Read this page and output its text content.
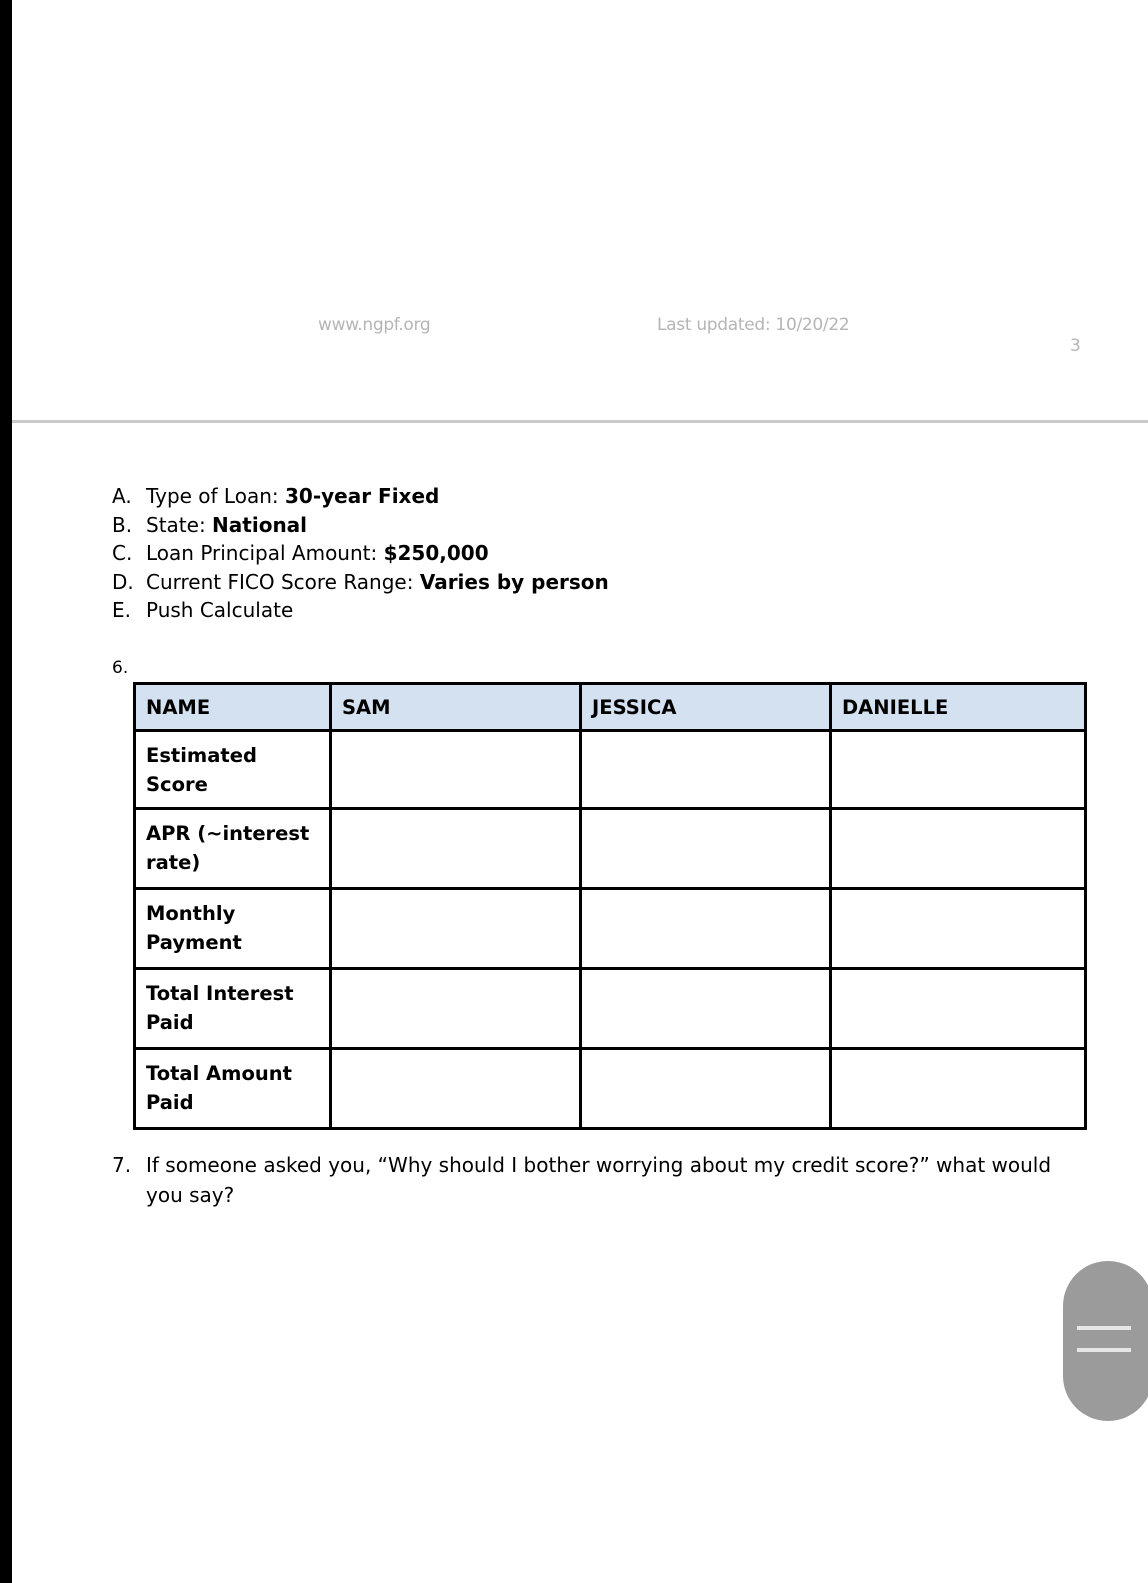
www.ngpf.org	Last updated: 10/20/22
3
A. Type of Loan: 30-year Fixed
B. State: National
C. Loan Principal Amount: $250,000
D. Current FICO Score Range: Varies by person
E. Push Calculate
6.
NAME	SAM	JESSICA	DANIELLE
Estimated Score			
APR (~interest rate)			
Monthly Payment			
Total Interest Paid			
Total Amount Paid			
7. If someone asked you, “Why should I bother worrying about my credit score?” what would you say?
